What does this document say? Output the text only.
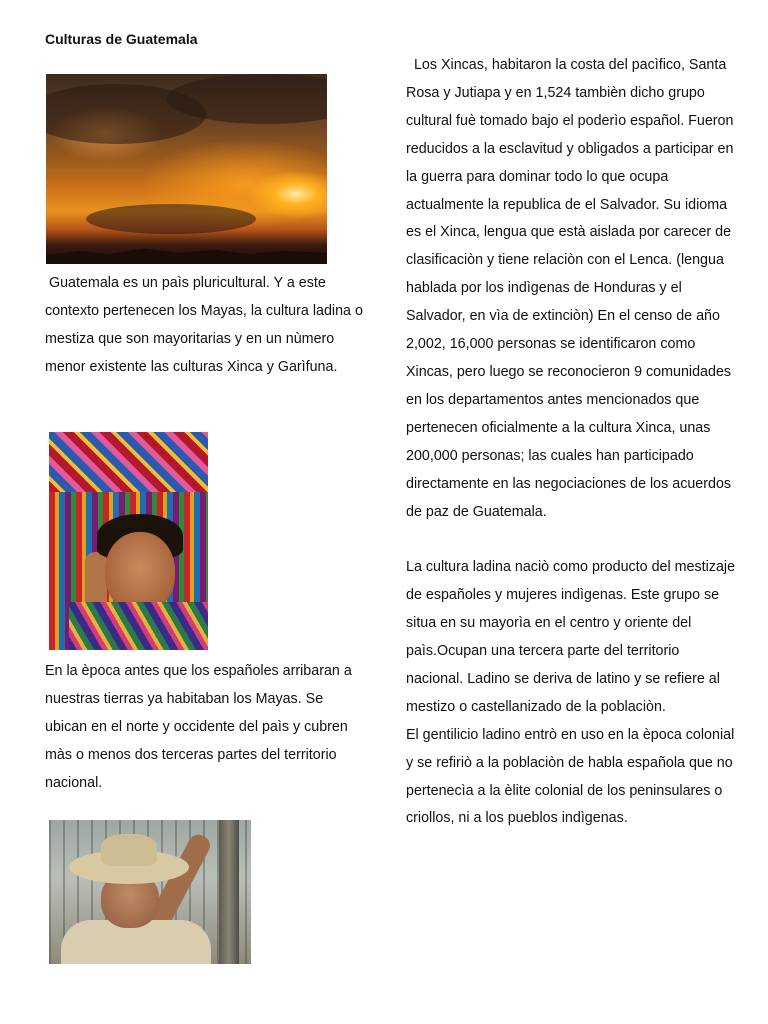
Culturas de Guatemala

Guatemala es un paìs pluricultural. Y a este contexto pertenecen los Mayas, la cultura ladina o mestiza que son mayoritarias y en un nùmero menor existente las culturas Xinca y Garìfuna.

En la època antes que los españoles arribaran a nuestras tierras ya habitaban los Mayas. Se ubican en el norte y occidente del paìs y cubren màs o menos dos terceras partes del territorio nacional.

Los Xincas, habitaron la costa del pacìfico, Santa Rosa y Jutiapa y en 1,524 tambièn dicho grupo cultural fuè tomado bajo el poderìo español. Fueron reducidos a la esclavitud y obligados a participar en la guerra para dominar todo lo que ocupa actualmente la republica de el Salvador. Su idioma es el Xinca, lengua que està aislada por carecer de clasificaciòn y tiene relaciòn con el Lenca. (lengua hablada por los indìgenas de Honduras y el Salvador, en vìa de extinciòn) En el censo de año 2,002, 16,000 personas se identificaron como Xincas, pero luego se reconocieron 9 comunidades en los departamentos antes mencionados que pertenecen oficialmente a la cultura Xinca, unas 200,000 personas; las cuales han participado directamente en las negociaciones de los acuerdos de paz de Guatemala.

La cultura ladina naciò como producto del mestizaje de españoles y mujeres indìgenas. Este grupo se situa en su mayorìa en el centro y oriente del paìs.Ocupan una tercera parte del territorio nacional. Ladino se deriva de latino y se refiere al mestizo o castellanizado de la poblaciòn.

El gentilicio ladino entrò en uso en la època colonial y se refiriò a la poblaciòn de habla española que no pertenecìa a la èlite colonial de los peninsulares o criollos, ni a los pueblos indìgenas.
